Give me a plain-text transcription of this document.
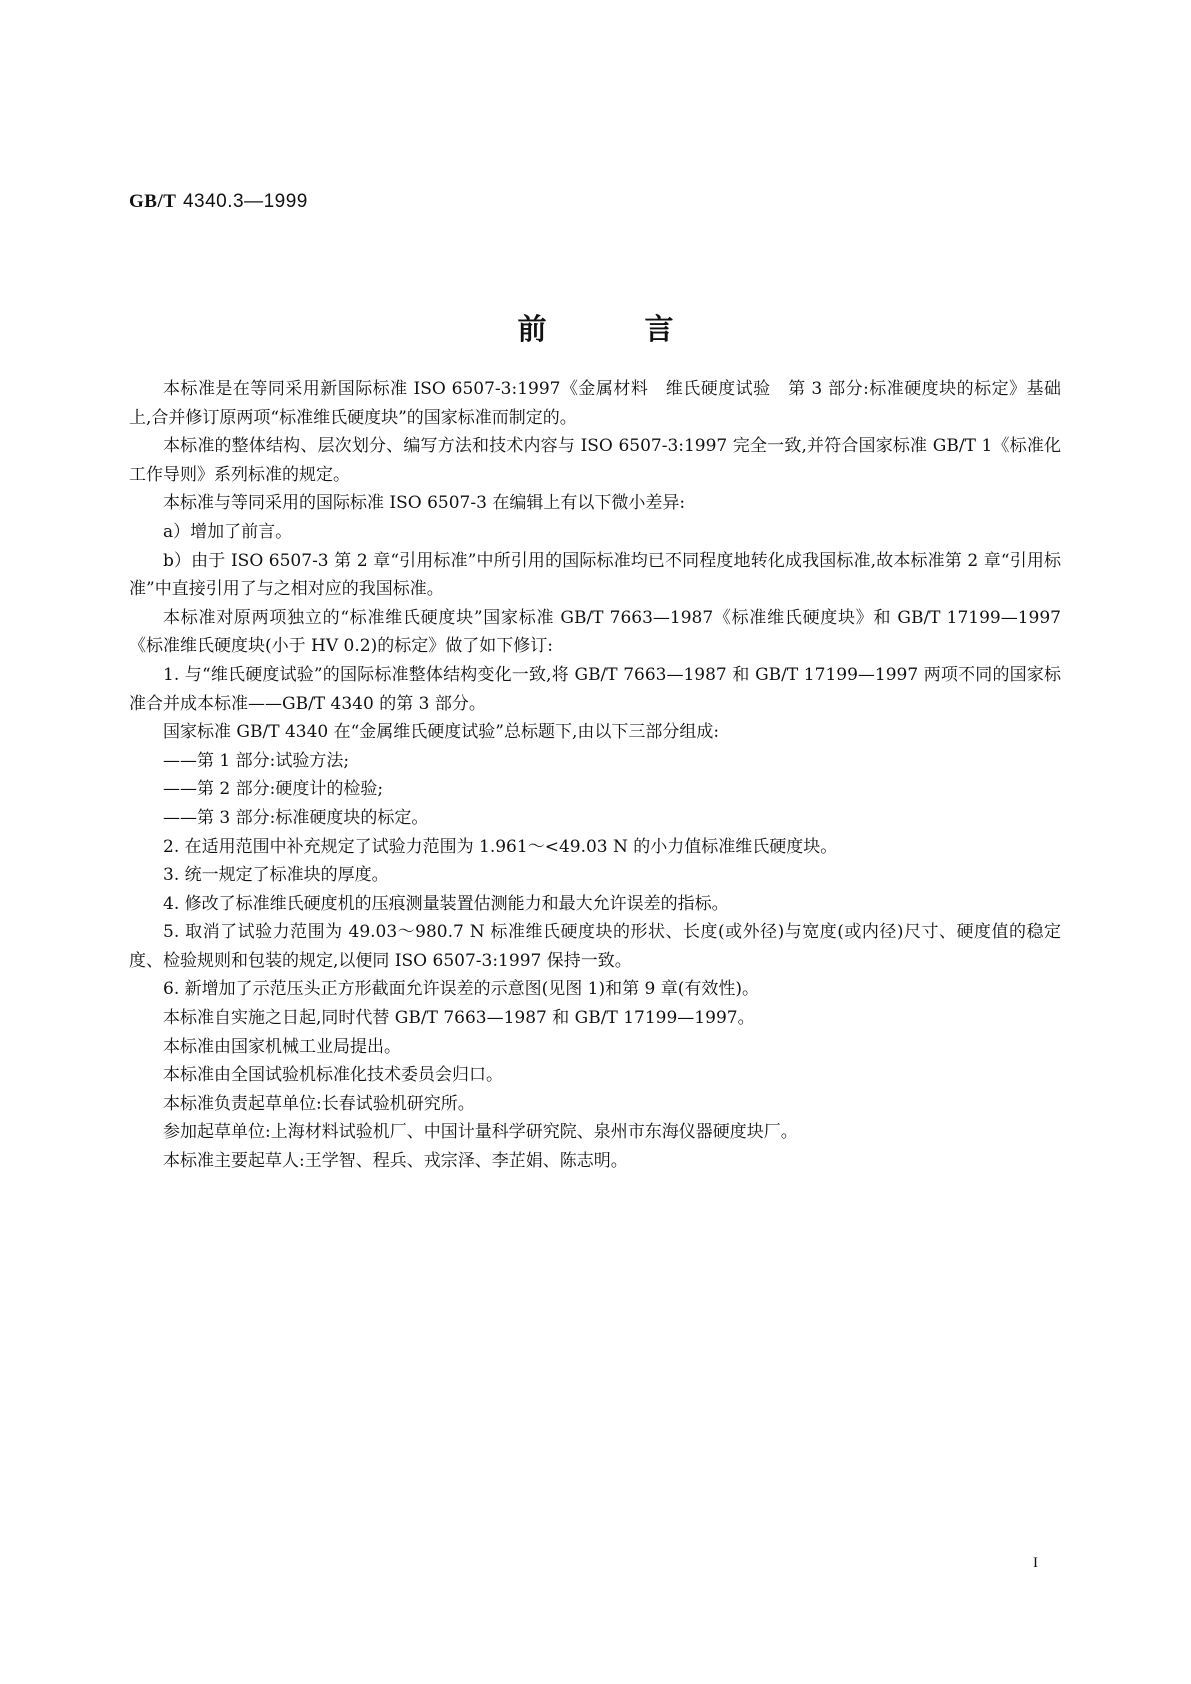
GB/T 4340.3—1999
前言

本标准是在等同采用新国际标准 ISO 6507-3:1997《金属材料　维氏硬度试验　第 3 部分:标准硬度块的标定》基础上,合并修订原两项“标准维氏硬度块”的国家标准而制定的。

本标准的整体结构、层次划分、编写方法和技术内容与 ISO 6507-3:1997 完全一致,并符合国家标准 GB/T 1《标准化工作导则》系列标准的规定。

本标准与等同采用的国际标准 ISO 6507-3 在编辑上有以下微小差异:

a）增加了前言。

b）由于 ISO 6507-3 第 2 章“引用标准”中所引用的国际标准均已不同程度地转化成我国标准,故本标准第 2 章“引用标准”中直接引用了与之相对应的我国标准。

本标准对原两项独立的“标准维氏硬度块”国家标准 GB/T 7663—1987《标准维氏硬度块》和 GB/T 17199—1997《标准维氏硬度块(小于 HV 0.2)的标定》做了如下修订:

1. 与“维氏硬度试验”的国际标准整体结构变化一致,将 GB/T 7663—1987 和 GB/T 17199—1997 两项不同的国家标准合并成本标准——GB/T 4340 的第 3 部分。

国家标准 GB/T 4340 在“金属维氏硬度试验”总标题下,由以下三部分组成:

——第 1 部分:试验方法;

——第 2 部分:硬度计的检验;

——第 3 部分:标准硬度块的标定。

2. 在适用范围中补充规定了试验力范围为 1.961～<49.03 N 的小力值标准维氏硬度块。

3. 统一规定了标准块的厚度。

4. 修改了标准维氏硬度机的压痕测量装置估测能力和最大允许误差的指标。

5. 取消了试验力范围为 49.03～980.7 N 标准维氏硬度块的形状、长度(或外径)与宽度(或内径)尺寸、硬度值的稳定度、检验规则和包装的规定,以便同 ISO 6507-3:1997 保持一致。

6. 新增加了示范压头正方形截面允许误差的示意图(见图 1)和第 9 章(有效性)。

本标准自实施之日起,同时代替 GB/T 7663—1987 和 GB/T 17199—1997。

本标准由国家机械工业局提出。

本标准由全国试验机标准化技术委员会归口。

本标准负责起草单位:长春试验机研究所。

参加起草单位:上海材料试验机厂、中国计量科学研究院、泉州市东海仪器硬度块厂。

本标准主要起草人:王学智、程兵、戎宗泽、李芷娟、陈志明。

I
